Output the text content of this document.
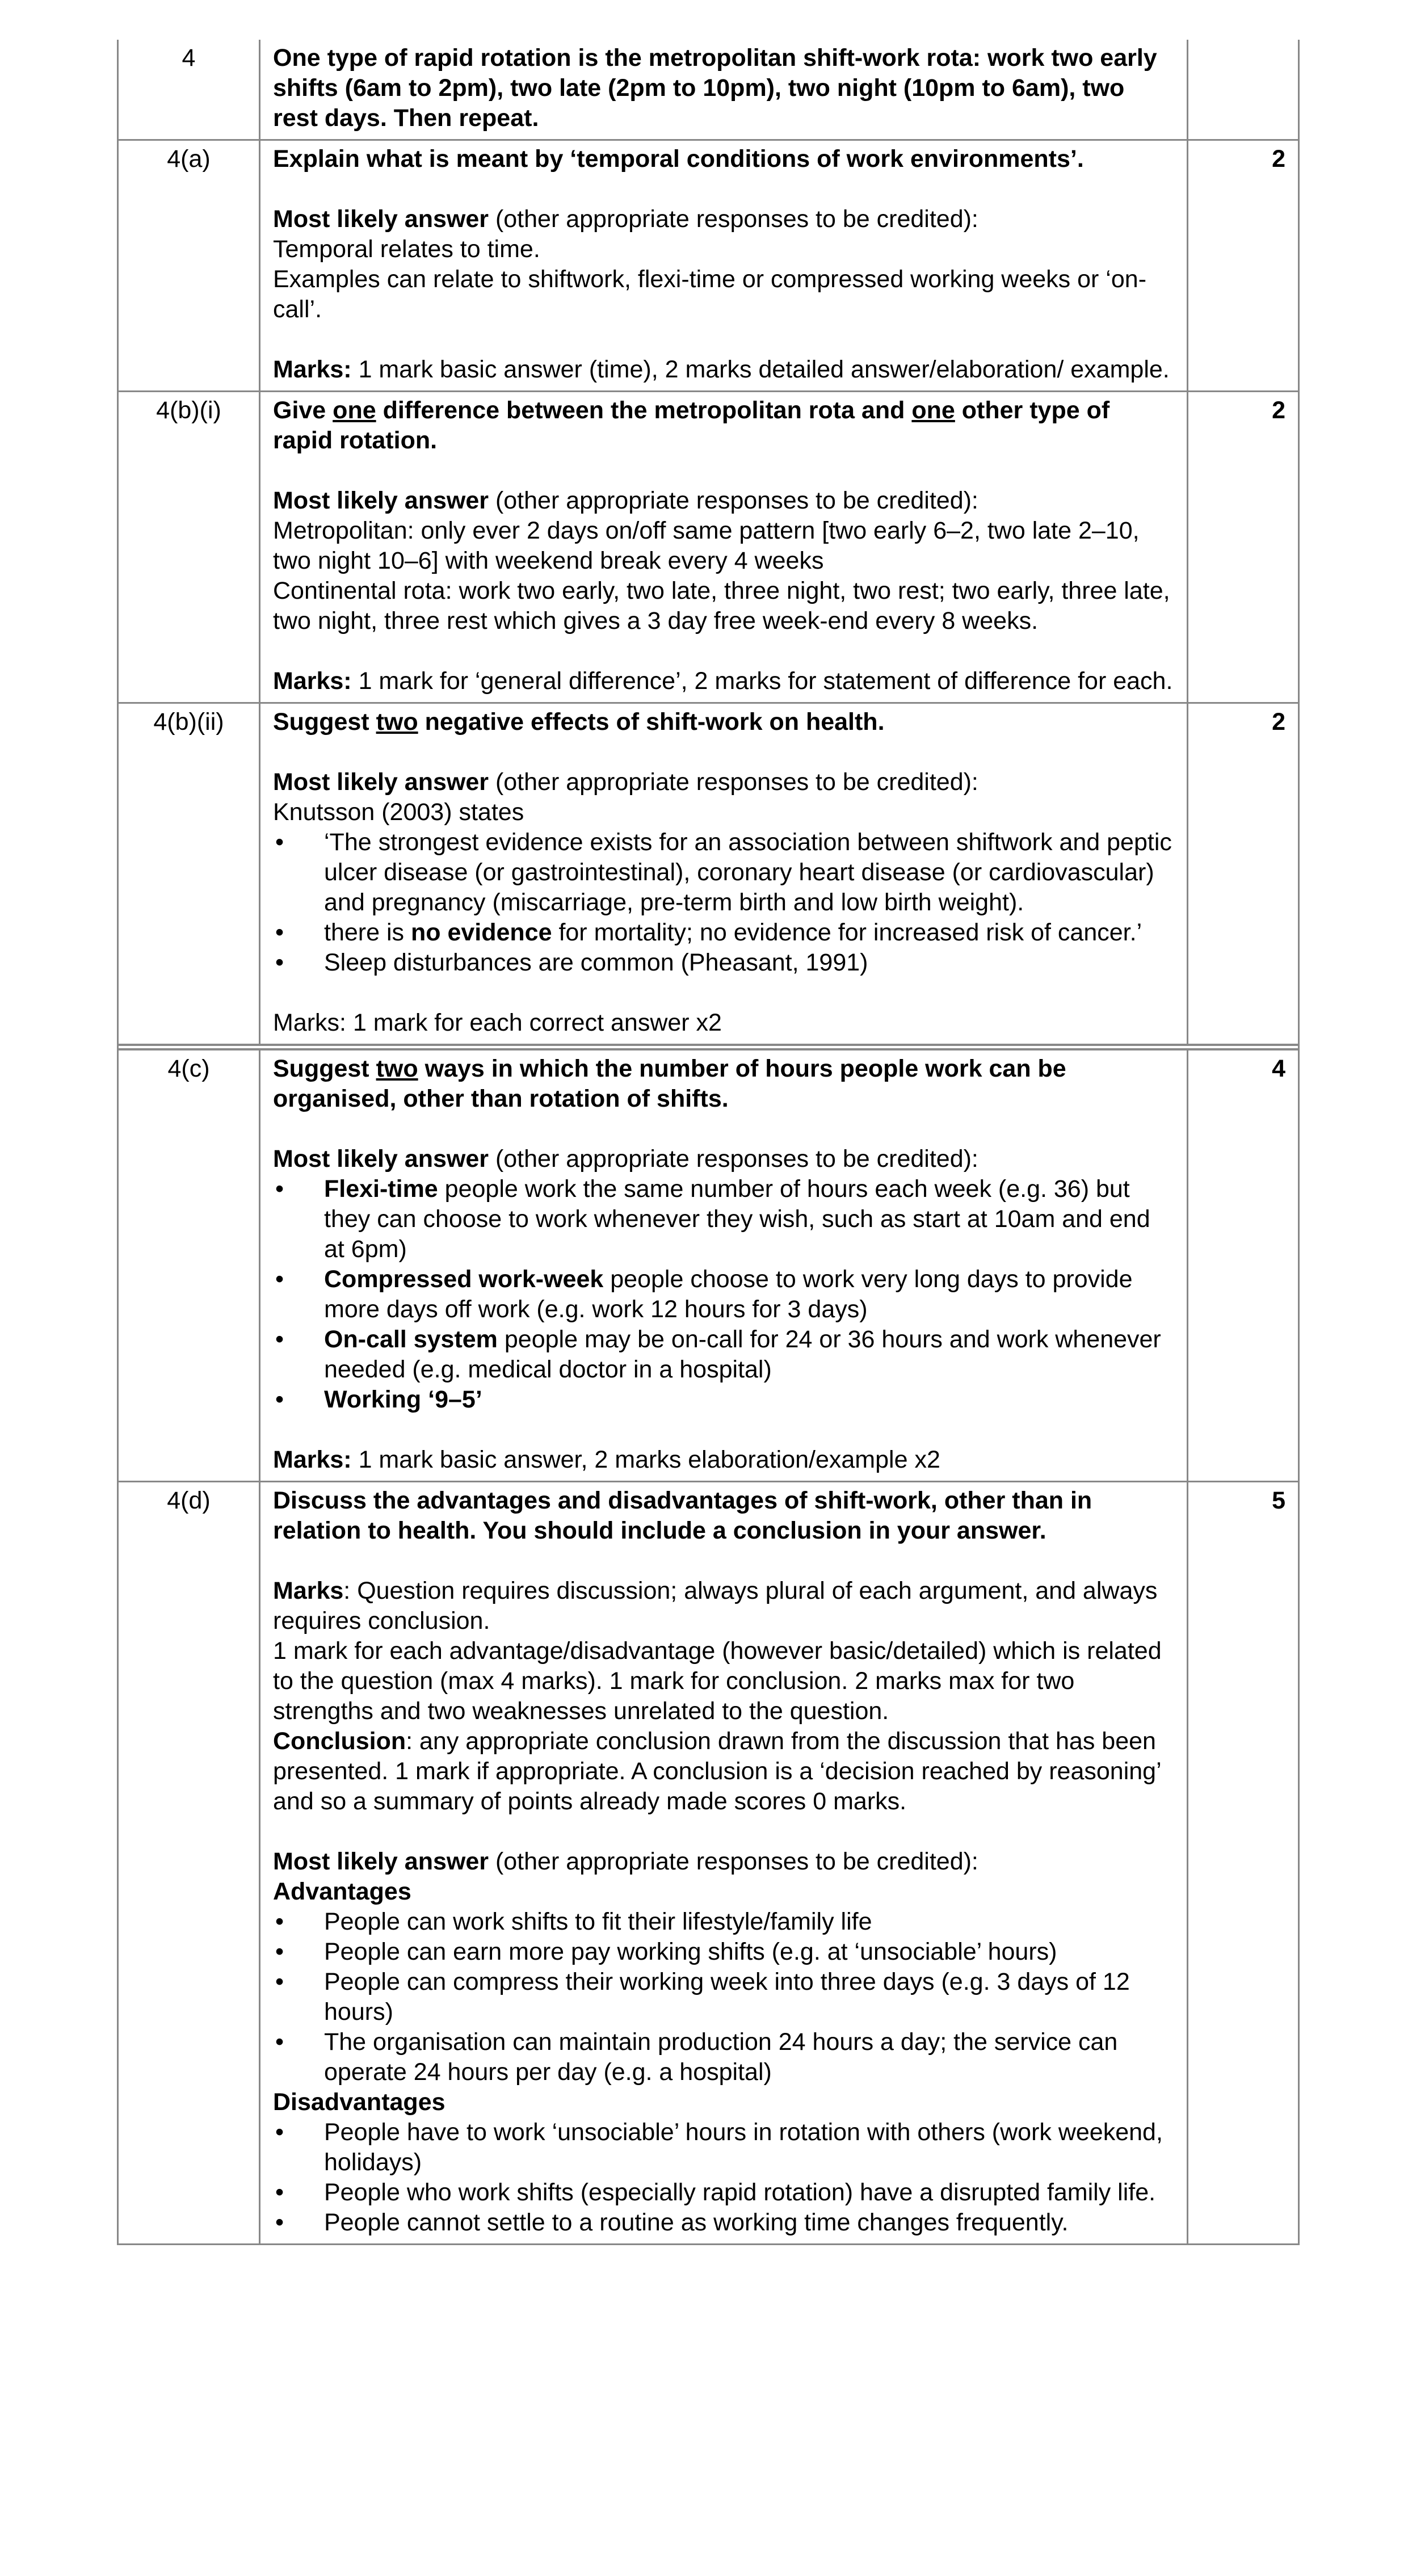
4	One type of rapid rotation is the metropolitan shift-work rota: work two early shifts (6am to 2pm), two late (2pm to 10pm), two night (10pm to 6am), two rest days. Then repeat.
4(a)	Explain what is meant by ‘temporal conditions of work environments’.
Most likely answer (other appropriate responses to be credited):
Temporal relates to time.
Examples can relate to shiftwork, flexi-time or compressed working weeks or ‘on-call’.
Marks: 1 mark basic answer (time), 2 marks detailed answer/elaboration/ example.
2
4(b)(i)	Give one difference between the metropolitan rota and one other type of rapid rotation.
Most likely answer (other appropriate responses to be credited):
Metropolitan: only ever 2 days on/off same pattern [two early 6–2, two late 2–10, two night 10–6] with weekend break every 4 weeks
Continental rota: work two early, two late, three night, two rest; two early, three late, two night, three rest which gives a 3 day free week-end every 8 weeks.
Marks: 1 mark for ‘general difference’, 2 marks for statement of difference for each.
2
4(b)(ii)	Suggest two negative effects of shift-work on health.
Most likely answer (other appropriate responses to be credited):
Knutsson (2003) states
• ‘The strongest evidence exists for an association between shiftwork and peptic ulcer disease (or gastrointestinal), coronary heart disease (or cardiovascular) and pregnancy (miscarriage, pre-term birth and low birth weight).
• there is no evidence for mortality; no evidence for increased risk of cancer.’
• Sleep disturbances are common (Pheasant, 1991)
Marks: 1 mark for each correct answer x2
2
4(c)	Suggest two ways in which the number of hours people work can be organised, other than rotation of shifts.
Most likely answer (other appropriate responses to be credited):
• Flexi-time people work the same number of hours each week (e.g. 36) but they can choose to work whenever they wish, such as start at 10am and end at 6pm)
• Compressed work-week people choose to work very long days to provide more days off work (e.g. work 12 hours for 3 days)
• On-call system people may be on-call for 24 or 36 hours and work whenever needed (e.g. medical doctor in a hospital)
• Working ‘9–5’
Marks: 1 mark basic answer, 2 marks elaboration/example x2
4
4(d)	Discuss the advantages and disadvantages of shift-work, other than in relation to health. You should include a conclusion in your answer.
Marks: Question requires discussion; always plural of each argument, and always requires conclusion.
1 mark for each advantage/disadvantage (however basic/detailed) which is related to the question (max 4 marks). 1 mark for conclusion. 2 marks max for two strengths and two weaknesses unrelated to the question.
Conclusion: any appropriate conclusion drawn from the discussion that has been presented. 1 mark if appropriate. A conclusion is a ‘decision reached by reasoning’ and so a summary of points already made scores 0 marks.
Most likely answer (other appropriate responses to be credited):
Advantages
• People can work shifts to fit their lifestyle/family life
• People can earn more pay working shifts (e.g. at ‘unsociable’ hours)
• People can compress their working week into three days (e.g. 3 days of 12 hours)
• The organisation can maintain production 24 hours a day; the service can operate 24 hours per day (e.g. a hospital)
Disadvantages
• People have to work ‘unsociable’ hours in rotation with others (work weekend, holidays)
• People who work shifts (especially rapid rotation) have a disrupted family life.
• People cannot settle to a routine as working time changes frequently.
5
